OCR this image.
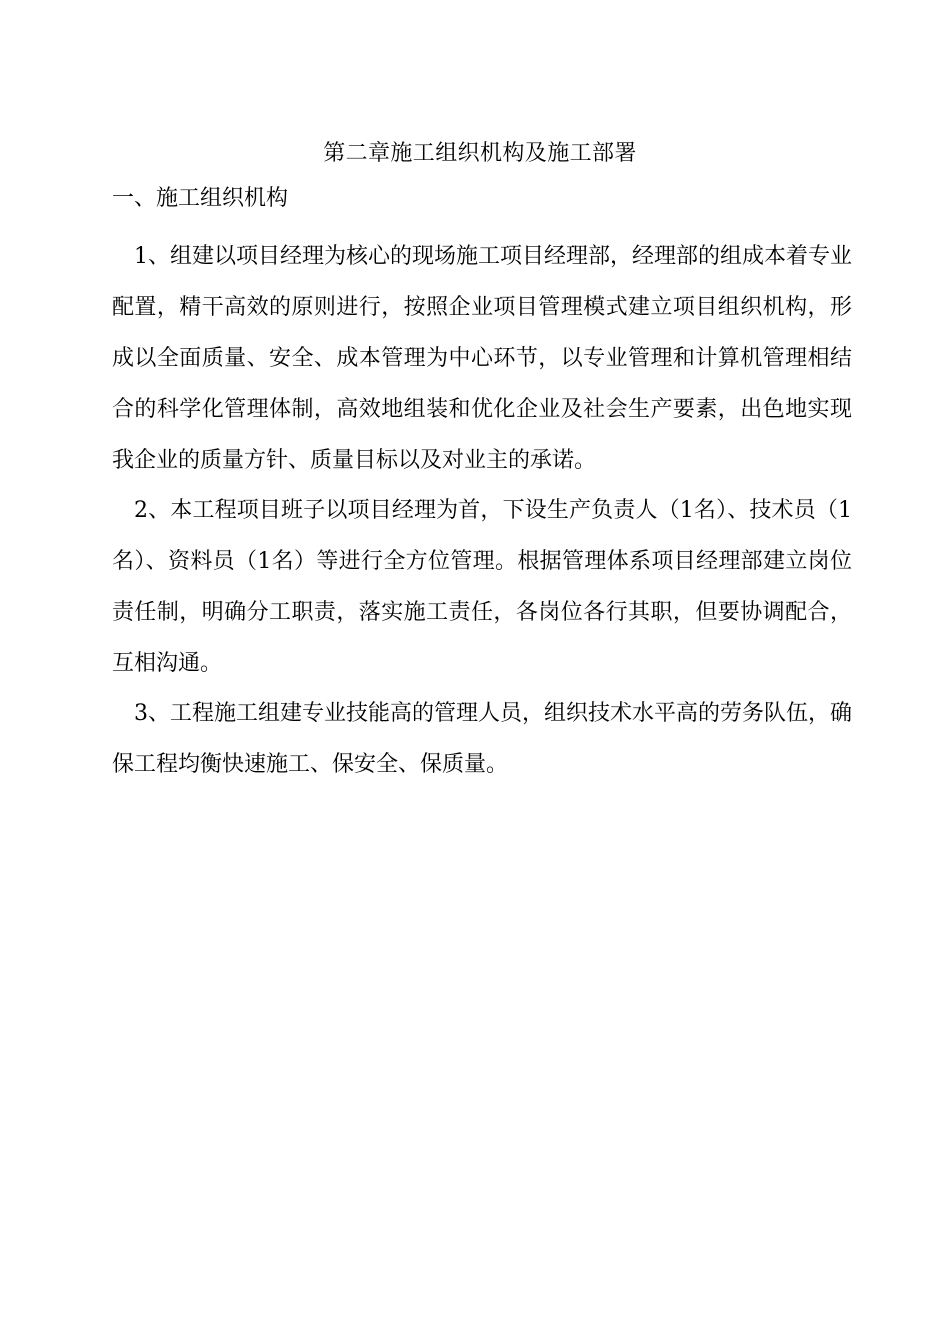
第二章施工组织机构及施工部署
一、施工组织机构

1、组建以项目经理为核心的现场施工项目经理部，经理部的组成本着专业配置，精干高效的原则进行，按照企业项目管理模式建立项目组织机构，形成以全面质量、安全、成本管理为中心环节，以专业管理和计算机管理相结合的科学化管理体制，高效地组装和优化企业及社会生产要素，出色地实现我企业的质量方针、质量目标以及对业主的承诺。

2、本工程项目班子以项目经理为首，下设生产负责人（1名）、技术员（1名）、资料员（1名）等进行全方位管理。根据管理体系项目经理部建立岗位责任制，明确分工职责，落实施工责任，各岗位各行其职，但要协调配合，互相沟通。

3、工程施工组建专业技能高的管理人员，组织技术水平高的劳务队伍，确保工程均衡快速施工、保安全、保质量。
